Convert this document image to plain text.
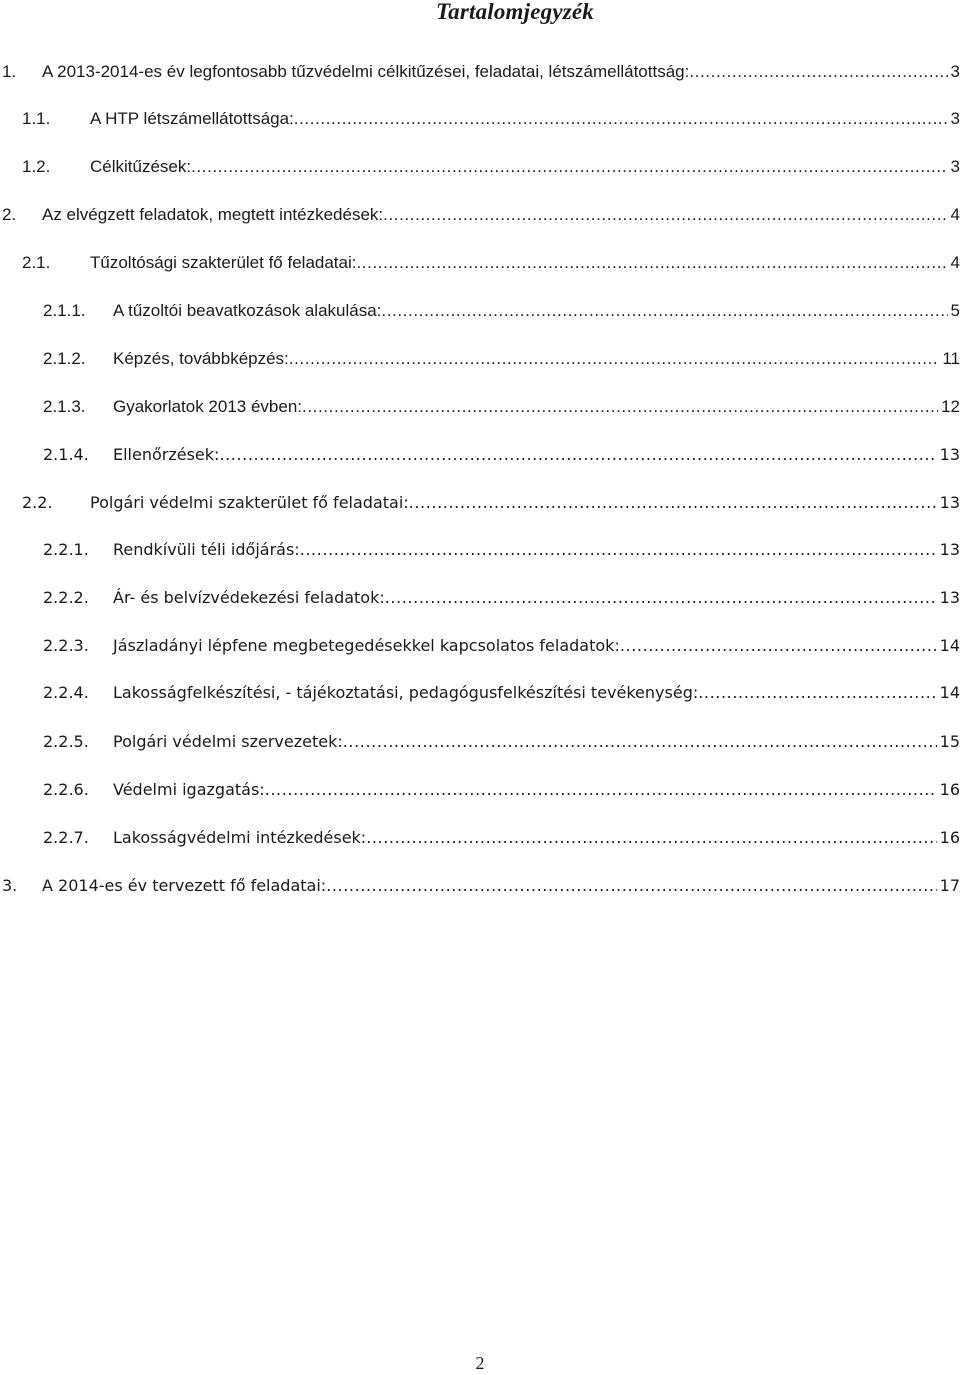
Tartalomjegyzék
1.	A 2013-2014-es év legfontosabb tűzvédelmi célkitűzései, feladatai, létszámellátottság: .....	3
1.1.	A HTP létszámellátottsága: .....	3
1.2.	Célkitűzések: .....	3
2.	Az elvégzett feladatok, megtett intézkedések: .....	4
2.1.	Tűzoltósági szakterület fő feladatai: .....	4
2.1.1.	A tűzoltói beavatkozások alakulása: .....	5
2.1.2.	Képzés, továbbképzés: .....	11
2.1.3.	Gyakorlatok 2013 évben: .....	12
2.1.4.	Ellenőrzések: .....	13
2.2.	Polgári védelmi szakterület fő feladatai: .....	13
2.2.1.	Rendkívüli téli időjárás: .....	13
2.2.2.	Ár- és belvízvédekezési feladatok: .....	13
2.2.3.	Jászladányi lépfene megbetegedésekkel kapcsolatos feladatok: .....	14
2.2.4.	Lakosságfelkészítési, - tájékoztatási, pedagógusfelkészítési tevékenység: .....	14
2.2.5.	Polgári védelmi szervezetek: .....	15
2.2.6.	Védelmi igazgatás: .....	16
2.2.7.	Lakosságvédelmi intézkedések: .....	16
3.	A 2014-es év tervezett fő feladatai: .....	17
2
